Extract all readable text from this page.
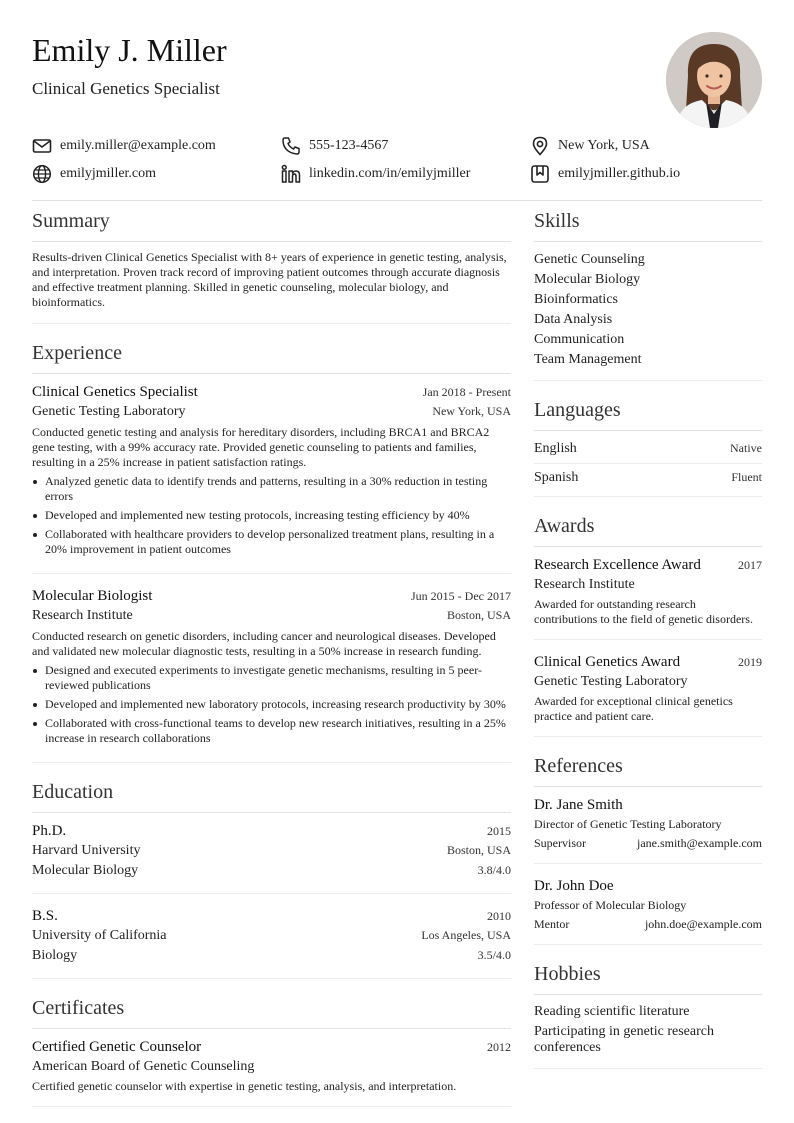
Emily J. Miller
Clinical Genetics Specialist
emily.miller@example.com	555-123-4567	New York, USA
emilyjmiller.com	linkedin.com/in/emilyjmiller	emilyjmiller.github.io
Summary

Results-driven Clinical Genetics Specialist with 8+ years of experience in genetic testing, analysis, and interpretation. Proven track record of improving patient outcomes through accurate diagnosis and effective treatment planning. Skilled in genetic counseling, molecular biology, and bioinformatics.

Experience
Clinical Genetics Specialist	Jan 2018 - Present
Genetic Testing Laboratory	New York, USA

Conducted genetic testing and analysis for hereditary disorders, including BRCA1 and BRCA2 gene testing, with a 99% accuracy rate. Provided genetic counseling to patients and families, resulting in a 25% increase in patient satisfaction ratings.

Analyzed genetic data to identify trends and patterns, resulting in a 30% reduction in testing errors
Developed and implemented new testing protocols, increasing testing efficiency by 40%
Collaborated with healthcare providers to develop personalized treatment plans, resulting in a 20% improvement in patient outcomes
Molecular Biologist	Jun 2015 - Dec 2017
Research Institute	Boston, USA

Conducted research on genetic disorders, including cancer and neurological diseases. Developed and validated new molecular diagnostic tests, resulting in a 50% increase in research funding.

Designed and executed experiments to investigate genetic mechanisms, resulting in 5 peer-reviewed publications
Developed and implemented new laboratory protocols, increasing research productivity by 30%
Collaborated with cross-functional teams to develop new research initiatives, resulting in a 25% increase in research collaborations
Education
Ph.D.	2015
Harvard University	Boston, USA
Molecular Biology	3.8/4.0
B.S.	2010
University of California	Los Angeles, USA
Biology	3.5/4.0
Certificates
Certified Genetic Counselor	2012
American Board of Genetic Counseling

Certified genetic counselor with expertise in genetic testing, analysis, and interpretation.

Skills
Genetic Counseling
Molecular Biology
Bioinformatics
Data Analysis
Communication
Team Management
Languages
English	Native
Spanish	Fluent
Awards
Research Excellence Award	2017
Research Institute

Awarded for outstanding research contributions to the field of genetic disorders.

Clinical Genetics Award	2019
Genetic Testing Laboratory

Awarded for exceptional clinical genetics practice and patient care.

References
Dr. Jane Smith
Director of Genetic Testing Laboratory
Supervisor	jane.smith@example.com
Dr. John Doe
Professor of Molecular Biology
Mentor	john.doe@example.com
Hobbies
Reading scientific literature
Participating in genetic research conferences
